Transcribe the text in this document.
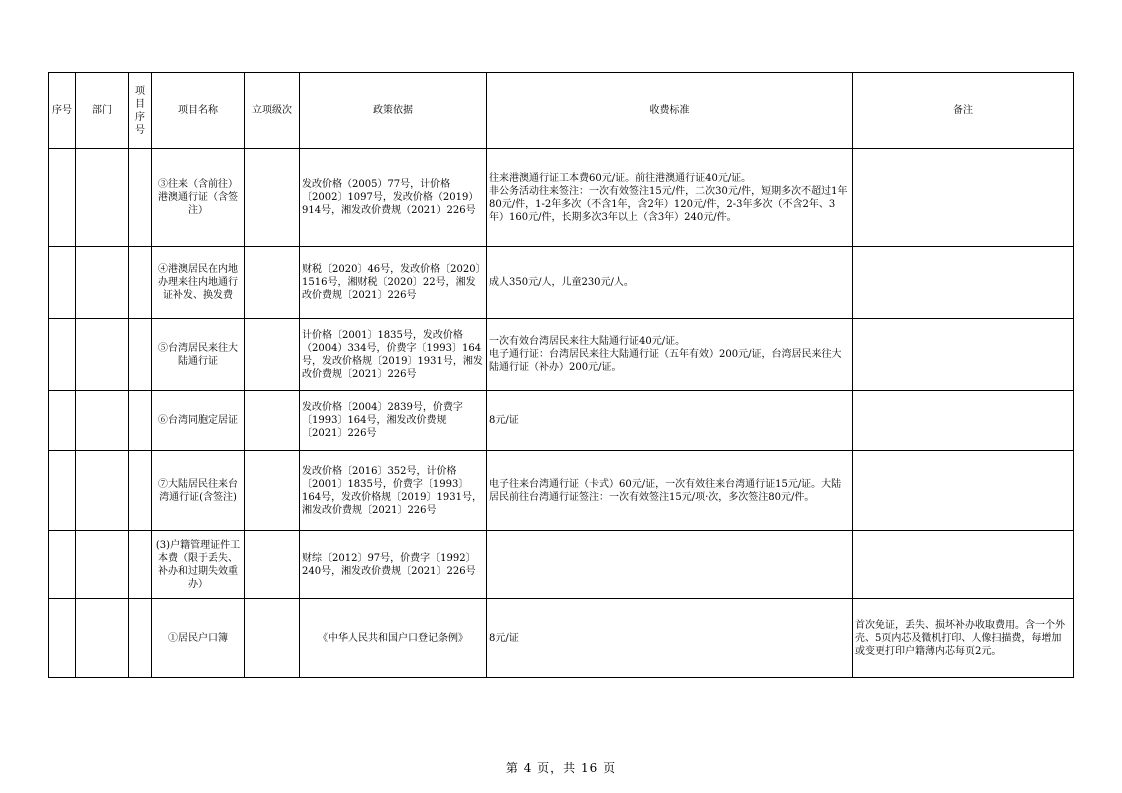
序号	部门	项目序号	项目名称	立项级次	政策依据	收费标准	备注
			③往来（含前往）港澳通行证（含签注）		发改价格（2005）77号，计价格〔2002〕1097号，发改价格（2019）914号，湘发改价费规（2021）226号	往来港澳通行证工本费60元/证。前往港澳通行证40元/证。
非公务活动往来签注：一次有效签注15元/件，二次30元/件，短期多次不超过1年80元/件，1-2年多次（不含1年，含2年）120元/件，2-3年多次（不含2年、3年）160元/件，长期多次3年以上（含3年）240元/件。	
			④港澳居民在内地办理来往内地通行证补发、换发费		财税〔2020〕46号，发改价格〔2020〕1516号，湘财税〔2020〕22号，湘发改价费规〔2021〕226号	成人350元/人，儿童230元/人。	
			⑤台湾居民来往大陆通行证		计价格〔2001〕1835号，发改价格（2004）334号，价费字〔1993〕164号，发改价格规〔2019〕1931号，湘发改价费规〔2021〕226号	一次有效台湾居民来往大陆通行证40元/证。
电子通行证：台湾居民来往大陆通行证（五年有效）200元/证，台湾居民来往大陆通行证（补办）200元/证。	
			⑥台湾同胞定居证		发改价格〔2004〕2839号，价费字〔1993〕164号，湘发改价费规〔2021〕226号	8元/证	
			⑦大陆居民往来台湾通行证(含签注)		发改价格〔2016〕352号，计价格〔2001〕1835号，价费字〔1993〕164号，发改价格规〔2019〕1931号，湘发改价费规〔2021〕226号	电子往来台湾通行证（卡式）60元/证，一次有效往来台湾通行证15元/证。大陆居民前往台湾通行证签注：一次有效签注15元/项·次，多次签注80元/件。	
			(3)户籍管理证件工本费（限于丢失、补办和过期失效重办）		财综〔2012〕97号，价费字〔1992〕240号，湘发改价费规〔2021〕226号		
			①居民户口簿		《中华人民共和国户口登记条例》	8元/证	首次免证，丢失、损坏补办收取费用。含一个外壳、5页内芯及微机打印、人像扫描费，每增加或变更打印户籍薄内芯每页2元。
第 4 页，共 16 页
